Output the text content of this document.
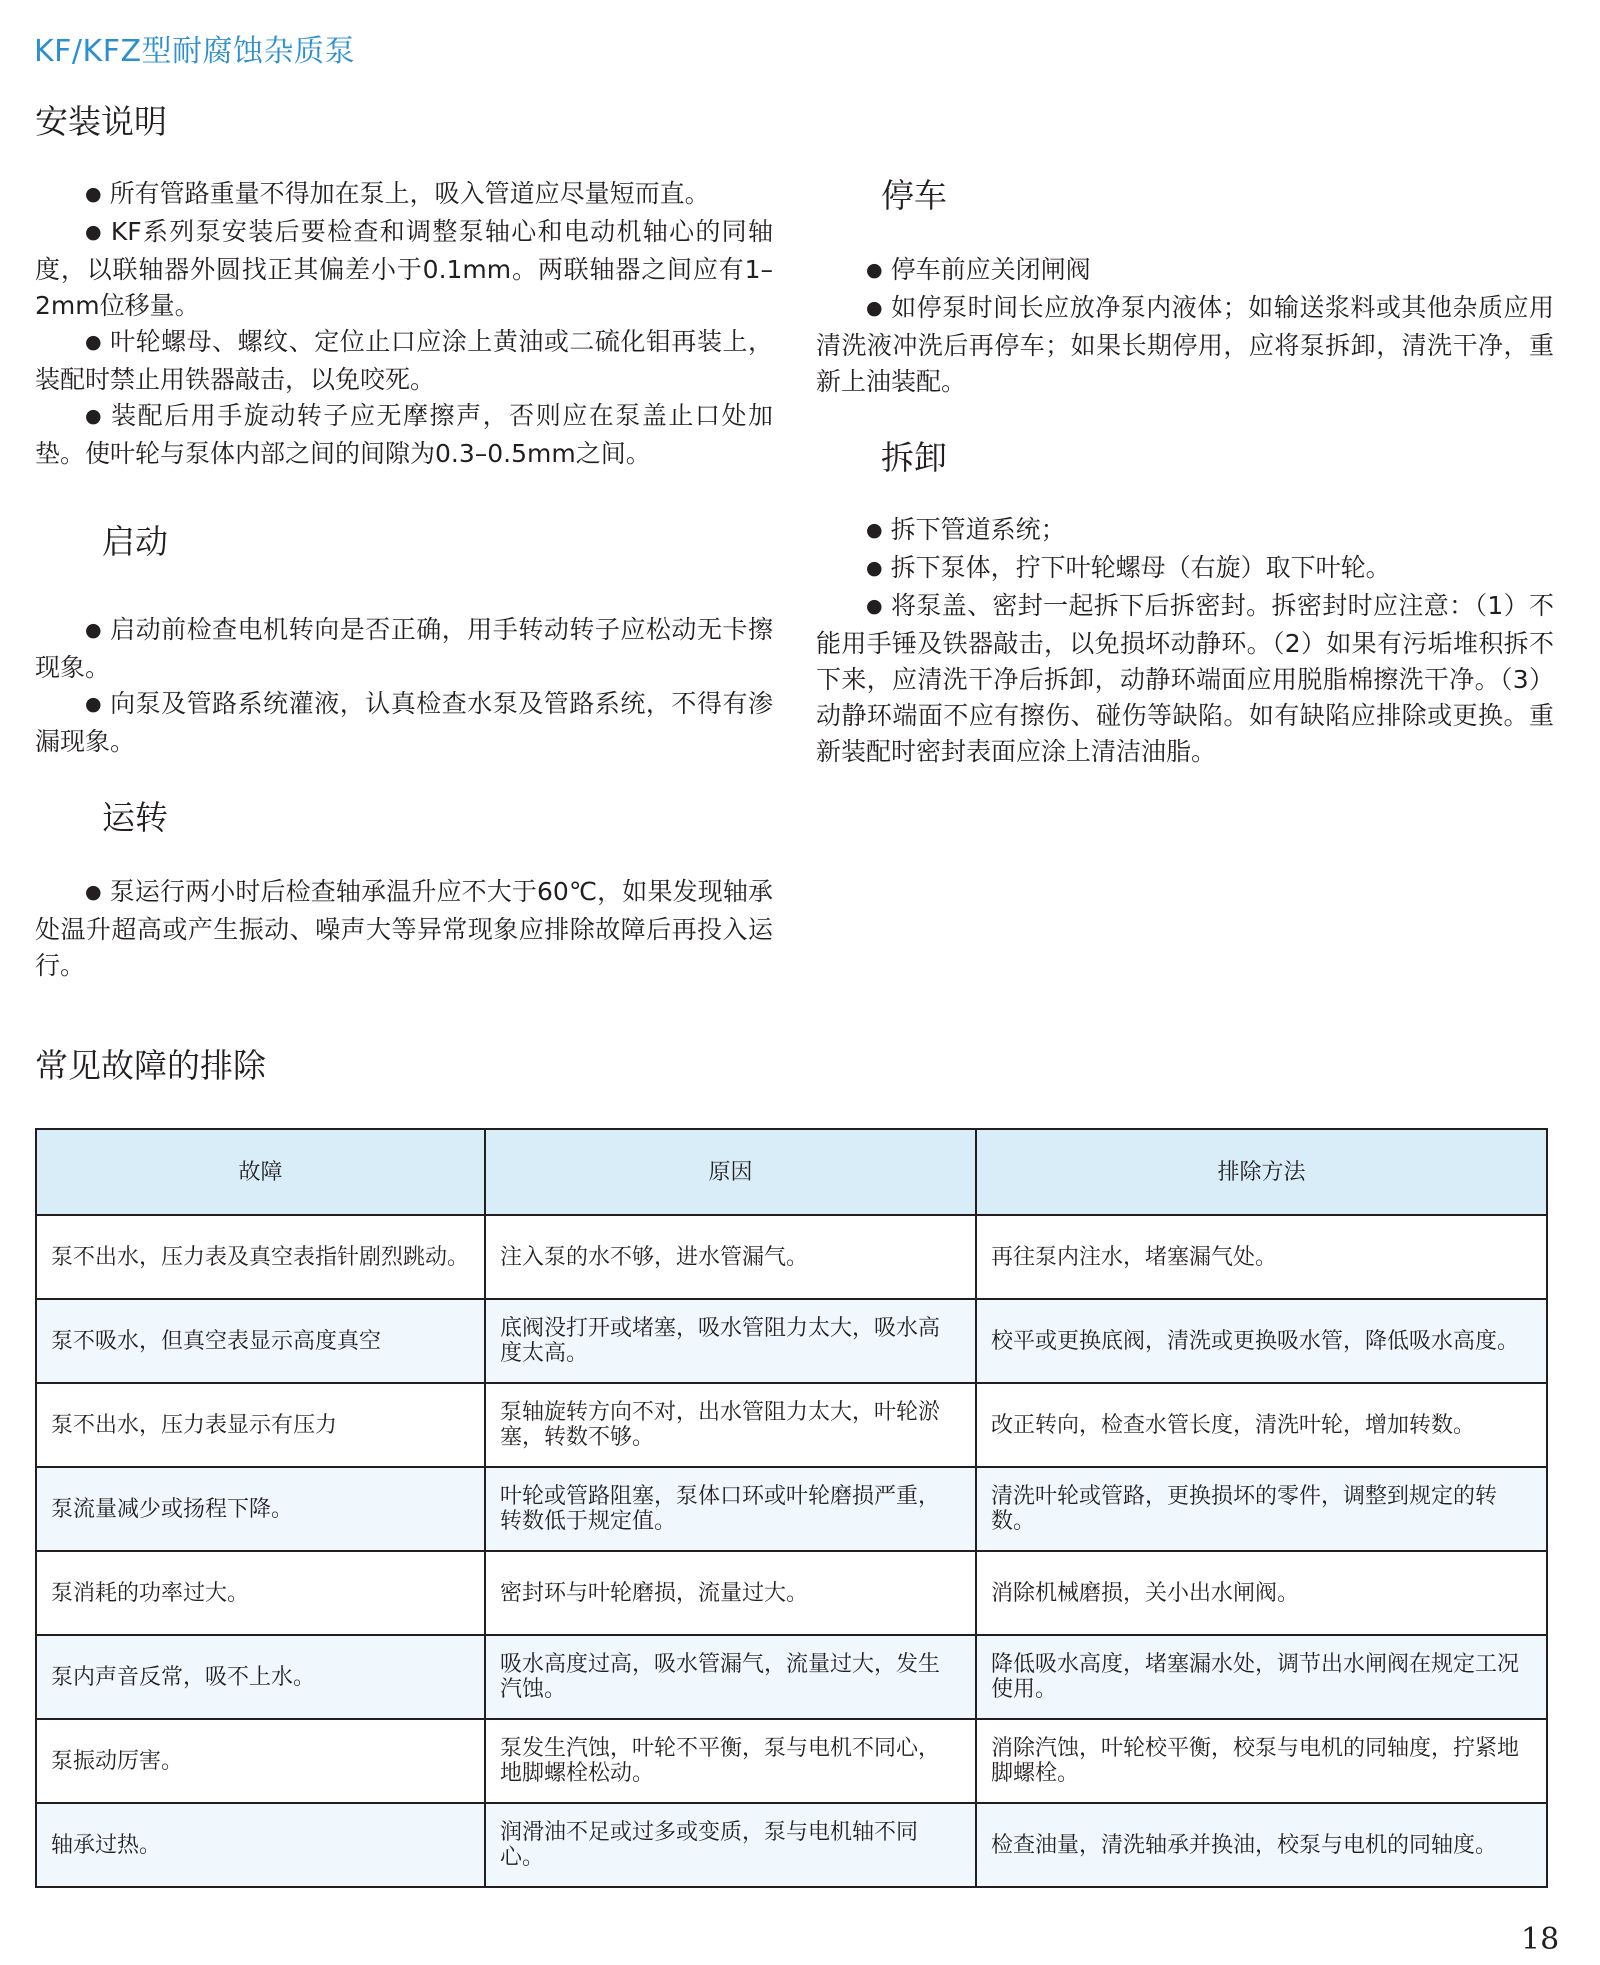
KF/KFZ型耐腐蚀杂质泵
安装说明

● 所有管路重量不得加在泵上，吸入管道应尽量短而直。

● KF系列泵安装后要检查和调整泵轴心和电动机轴心的同轴度，以联轴器外圆找正其偏差小于0.1mm。两联轴器之间应有1–2mm位移量。

● 叶轮螺母、螺纹、定位止口应涂上黄油或二硫化钼再装上，装配时禁止用铁器敲击，以免咬死。

● 装配后用手旋动转子应无摩擦声，否则应在泵盖止口处加垫。使叶轮与泵体内部之间的间隙为0.3–0.5mm之间。

启动

● 启动前检查电机转向是否正确，用手转动转子应松动无卡擦现象。

● 向泵及管路系统灌液，认真检查水泵及管路系统，不得有渗漏现象。

运转

● 泵运行两小时后检查轴承温升应不大于60℃，如果发现轴承处温升超高或产生振动、噪声大等异常现象应排除故障后再投入运行。

停车

● 停车前应关闭闸阀

● 如停泵时间长应放净泵内液体；如输送浆料或其他杂质应用清洗液冲洗后再停车；如果长期停用，应将泵拆卸，清洗干净，重新上油装配。

拆卸

● 拆下管道系统；

● 拆下泵体，拧下叶轮螺母（右旋）取下叶轮。

● 将泵盖、密封一起拆下后拆密封。拆密封时应注意：（1）不能用手锤及铁器敲击，以免损坏动静环。（2）如果有污垢堆积拆不下来，应清洗干净后拆卸，动静环端面应用脱脂棉擦洗干净。（3）动静环端面不应有擦伤、碰伤等缺陷。如有缺陷应排除或更换。重新装配时密封表面应涂上清洁油脂。

常见故障的排除
故障	原因	排除方法
泵不出水，压力表及真空表指针剧烈跳动。	注入泵的水不够，进水管漏气。	再往泵内注水，堵塞漏气处。
泵不吸水，但真空表显示高度真空	底阀没打开或堵塞，吸水管阻力太大，吸水高度太高。	校平或更换底阀，清洗或更换吸水管，降低吸水高度。
泵不出水，压力表显示有压力	泵轴旋转方向不对，出水管阻力太大，叶轮淤塞，转数不够。	改正转向，检查水管长度，清洗叶轮，增加转数。
泵流量减少或扬程下降。	叶轮或管路阻塞，泵体口环或叶轮磨损严重，转数低于规定值。	清洗叶轮或管路，更换损坏的零件，调整到规定的转数。
泵消耗的功率过大。	密封环与叶轮磨损，流量过大。	消除机械磨损，关小出水闸阀。
泵内声音反常，吸不上水。	吸水高度过高，吸水管漏气，流量过大，发生汽蚀。	降低吸水高度，堵塞漏水处，调节出水闸阀在规定工况使用。
泵振动厉害。	泵发生汽蚀，叶轮不平衡，泵与电机不同心，地脚螺栓松动。	消除汽蚀，叶轮校平衡，校泵与电机的同轴度，拧紧地脚螺栓。
轴承过热。	润滑油不足或过多或变质，泵与电机轴不同心。	检查油量，清洗轴承并换油，校泵与电机的同轴度。
18
